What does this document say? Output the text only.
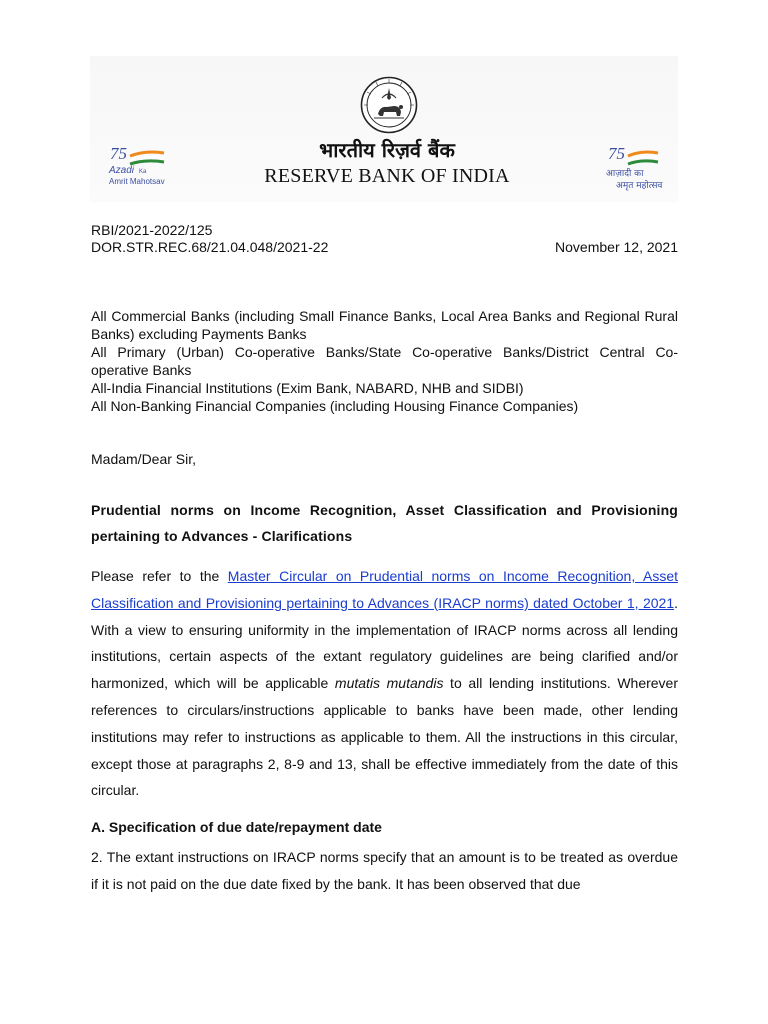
भारतीय रिज़र्व बैंक
RESERVE BANK OF INDIA
75
Azadi Ka
Amrit Mahotsav
75
आज़ादी का
अमृत महोत्सव
RBI/2021-2022/125
DOR.STR.REC.68/21.04.048/2021-22	November 12, 2021
All Commercial Banks (including Small Finance Banks, Local Area Banks and Regional Rural Banks) excluding Payments Banks
All Primary (Urban) Co-operative Banks/State Co-operative Banks/District Central Co-operative Banks
All-India Financial Institutions (Exim Bank, NABARD, NHB and SIDBI)
All Non-Banking Financial Companies (including Housing Finance Companies)
Madam/Dear Sir,
Prudential norms on Income Recognition, Asset Classification and Provisioning pertaining to Advances - Clarifications
Please refer to the Master Circular on Prudential norms on Income Recognition, Asset Classification and Provisioning pertaining to Advances (IRACP norms) dated October 1, 2021. With a view to ensuring uniformity in the implementation of IRACP norms across all lending institutions, certain aspects of the extant regulatory guidelines are being clarified and/or harmonized, which will be applicable mutatis mutandis to all lending institutions. Wherever references to circulars/instructions applicable to banks have been made, other lending institutions may refer to instructions as applicable to them. All the instructions in this circular, except those at paragraphs 2, 8-9 and 13, shall be effective immediately from the date of this circular.
A. Specification of due date/repayment date
2. The extant instructions on IRACP norms specify that an amount is to be treated as overdue if it is not paid on the due date fixed by the bank. It has been observed that due
